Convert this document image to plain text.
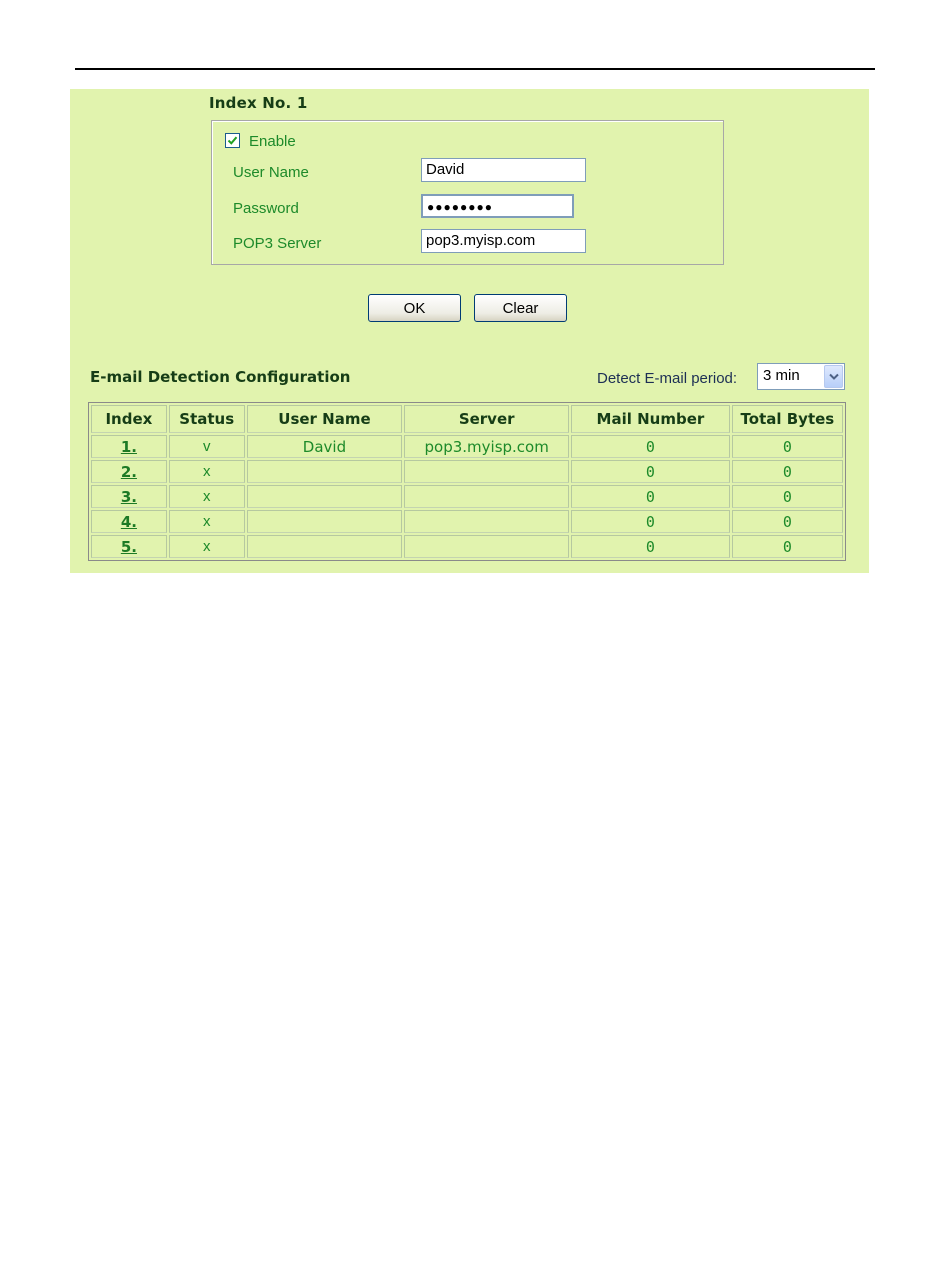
Index No. 1
Enable
User Name	David
Password	●●●●●●●●
POP3 Server	pop3.myisp.com
OK	Clear
E-mail Detection Configuration	Detect E-mail period: 3 min
Index	Status	User Name	Server	Mail Number	Total Bytes
1.	v	David	pop3.myisp.com	0	0
2.	x			0	0
3.	x			0	0
4.	x			0	0
5.	x			0	0
